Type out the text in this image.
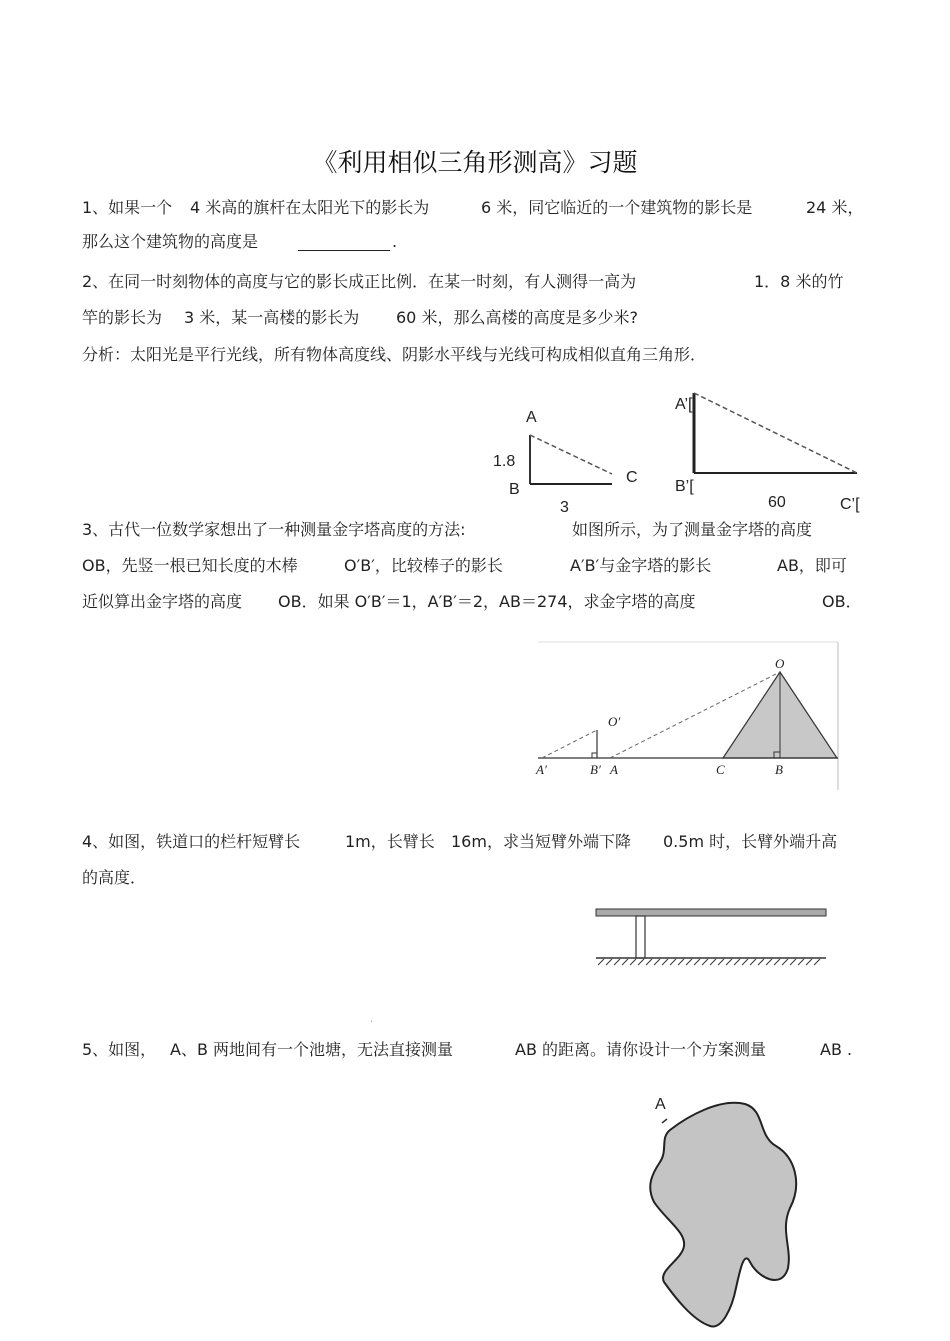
《利用相似三角形测高》习题
1、如果一个 4 米高的旗杆在太阳光下的影长为	6 米，同它临近的一个建筑物的影长是	24 米，
那么这个建筑物的高度是	.
2、在同一时刻物体的高度与它的影长成正比例．在某一时刻，有人测得一高为	1．8 米的竹
竿的影长为 3 米，某一高楼的影长为 60 米，那么高楼的高度是多少米?
分析：太阳光是平行光线，所有物体高度线、阴影水平线与光线可构成相似直角三角形．
A
1.8
B
C
3
A’[
B’[
60	C’[
3、古代一位数学家想出了一种测量金字塔高度的方法:	如图所示，为了测量金字塔的高度
OB，先竖一根已知长度的木棒	O′B′，比较棒子的影长	A′B′与金字塔的影长	AB，即可
近似算出金字塔的高度 OB．如果 O′B′＝1，A′B′＝2，AB＝274，求金字塔的高度	OB．
O
O′
A′	B′ A	C	B
4、如图，铁道口的栏杆短臂长	1m，长臂长 16m，求当短臂外端下降 0.5m 时，长臂外端升高
的高度．
.
5、如图， A、B 两地间有一个池塘，无法直接测量	AB 的距离。请你设计一个方案测量	AB .
A
